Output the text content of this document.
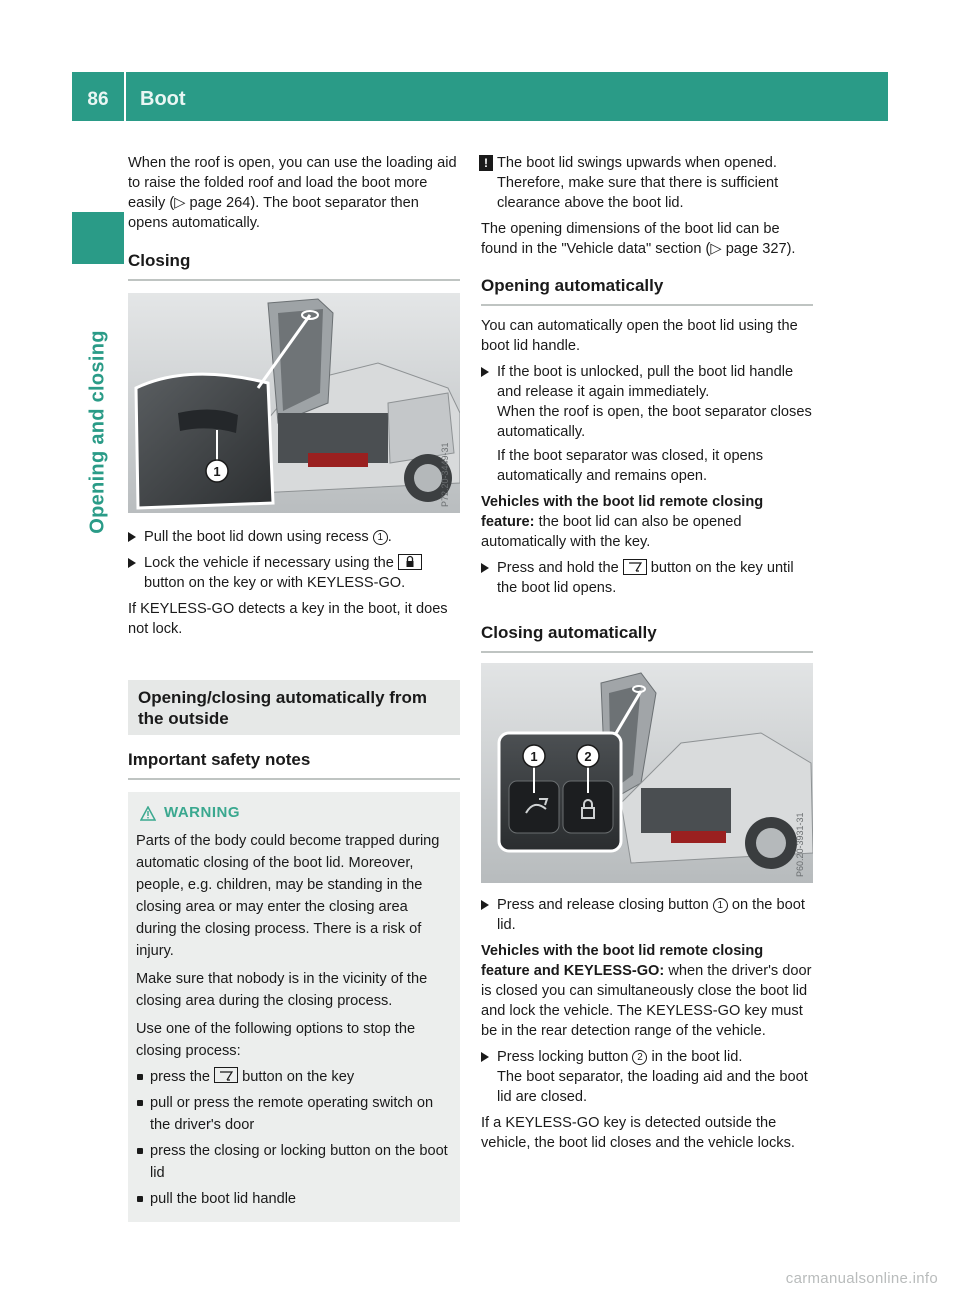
86	Boot
Opening and closing

When the roof is open, you can use the loading aid to raise the folded roof and load the boot more easily (▷ page 264). The boot separator then opens automatically.

Closing
1	P72.20-3449-31
Pull the boot lid down using recess 1 .
Lock the vehicle if necessary using the  button on the key or with KEYLESS-GO.

If KEYLESS-GO detects a key in the boot, it does not lock.

Opening/closing automatically from the outside
Important safety notes
WARNING

Parts of the body could become trapped during automatic closing of the boot lid. Moreover, people, e.g. children, may be standing in the closing area or may enter the closing area during the closing process. There is a risk of injury.

Make sure that nobody is in the vicinity of the closing area during the closing process.

Use one of the following options to stop the closing process:

press the  button on the key
pull or press the remote operating switch on the driver's door
press the closing or locking button on the boot lid
pull the boot lid handle
! The boot lid swings upwards when opened. Therefore, make sure that there is sufficient clearance above the boot lid.

The opening dimensions of the boot lid can be found in the "Vehicle data" section (▷ page 327).

Opening automatically

You can automatically open the boot lid using the boot lid handle.

If the boot is unlocked, pull the boot lid handle and release it again immediately.
When the roof is open, the boot separator closes automatically.
If the boot separator was closed, it opens automatically and remains open.

Vehicles with the boot lid remote closing feature: the boot lid can also be opened automatically with the key.

Press and hold the  button on the key until the boot lid opens.
Closing automatically
1	2
P60.20-3931-31
Press and release closing button 1 on the boot lid.

Vehicles with the boot lid remote closing feature and KEYLESS-GO: when the driver's door is closed you can simultaneously close the boot lid and lock the vehicle. The KEYLESS-GO key must be in the rear detection range of the vehicle.

Press locking button 2 in the boot lid.
The boot separator, the loading aid and the boot lid are closed.

If a KEYLESS-GO key is detected outside the vehicle, the boot lid closes and the vehicle locks.

carmanualsonline.info
